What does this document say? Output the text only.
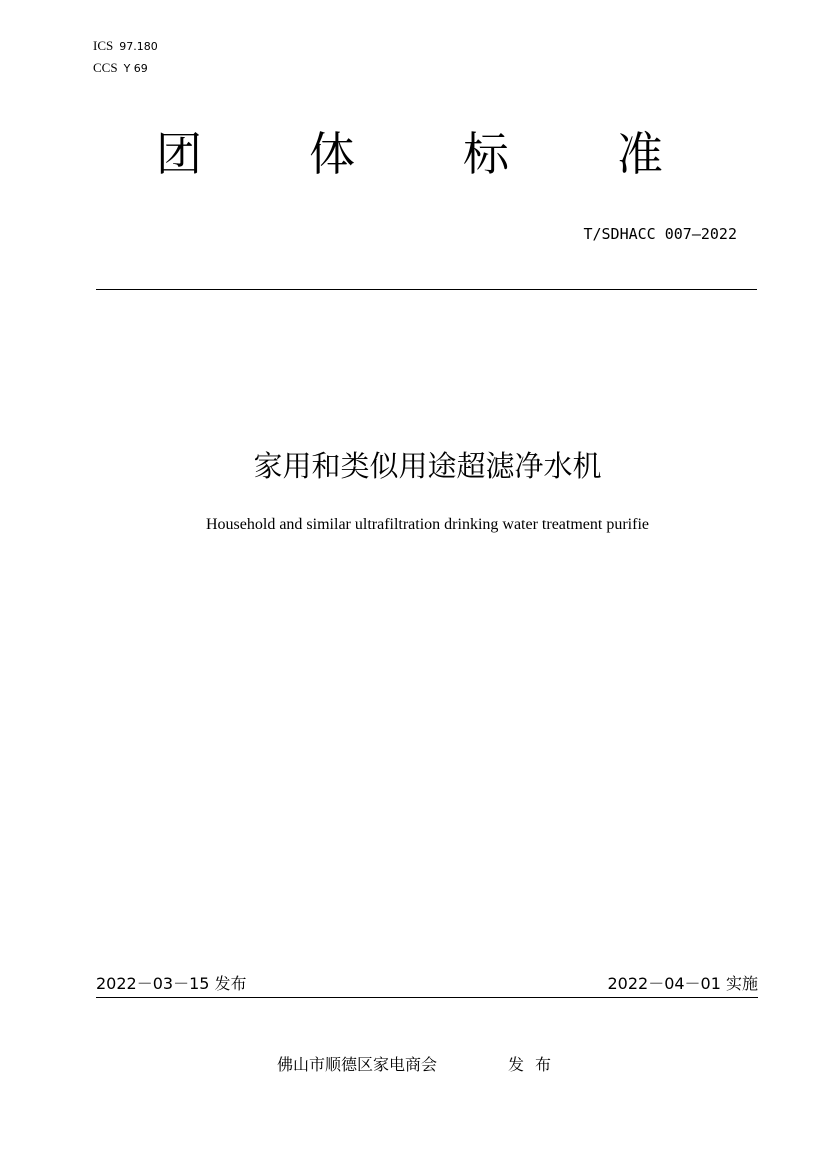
ICS 97.180
CCS Y 69
团 体 标 准
T/SDHACC 007—2022
家用和类似用途超滤净水机
Household and similar ultrafiltration drinking water treatment purifie
2022－03－15 发布	2022－04－01 实施
佛山市顺德区家电商会	发布
